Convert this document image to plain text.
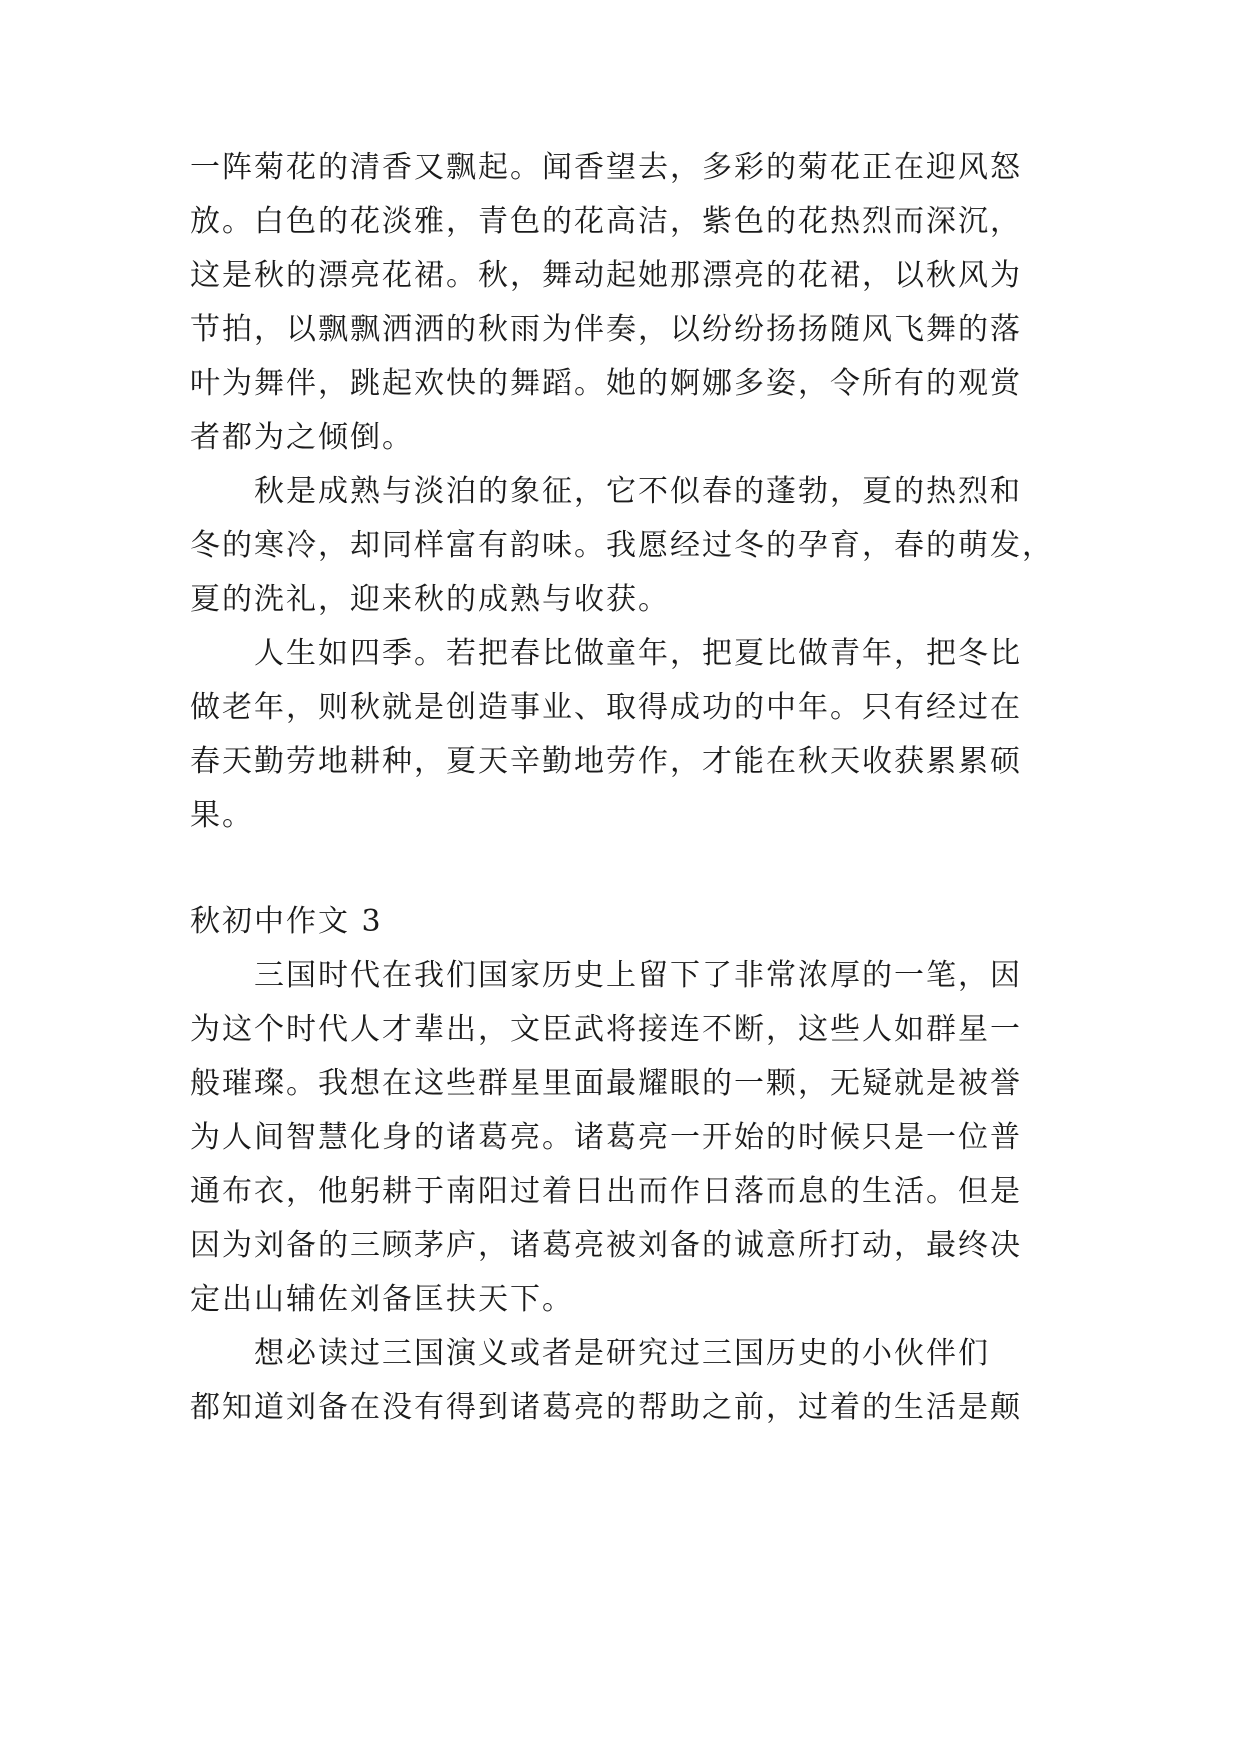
一阵菊花的清香又飘起。闻香望去，多彩的菊花正在迎风怒
放。白色的花淡雅，青色的花高洁，紫色的花热烈而深沉，
这是秋的漂亮花裙。秋，舞动起她那漂亮的花裙，以秋风为
节拍，以飘飘洒洒的秋雨为伴奏，以纷纷扬扬随风飞舞的落
叶为舞伴，跳起欢快的舞蹈。她的婀娜多姿，令所有的观赏
者都为之倾倒。
秋是成熟与淡泊的象征，它不似春的蓬勃，夏的热烈和
冬的寒冷，却同样富有韵味。我愿经过冬的孕育，春的萌发，
夏的洗礼，迎来秋的成熟与收获。
人生如四季。若把春比做童年，把夏比做青年，把冬比
做老年，则秋就是创造事业、取得成功的中年。只有经过在
春天勤劳地耕种，夏天辛勤地劳作，才能在秋天收获累累硕
果。
秋初中作文 3
三国时代在我们国家历史上留下了非常浓厚的一笔，因
为这个时代人才辈出，文臣武将接连不断，这些人如群星一
般璀璨。我想在这些群星里面最耀眼的一颗，无疑就是被誉
为人间智慧化身的诸葛亮。诸葛亮一开始的时候只是一位普
通布衣，他躬耕于南阳过着日出而作日落而息的生活。但是
因为刘备的三顾茅庐，诸葛亮被刘备的诚意所打动，最终决
定出山辅佐刘备匡扶天下。
想必读过三国演义或者是研究过三国历史的小伙伴们
都知道刘备在没有得到诸葛亮的帮助之前，过着的生活是颠
